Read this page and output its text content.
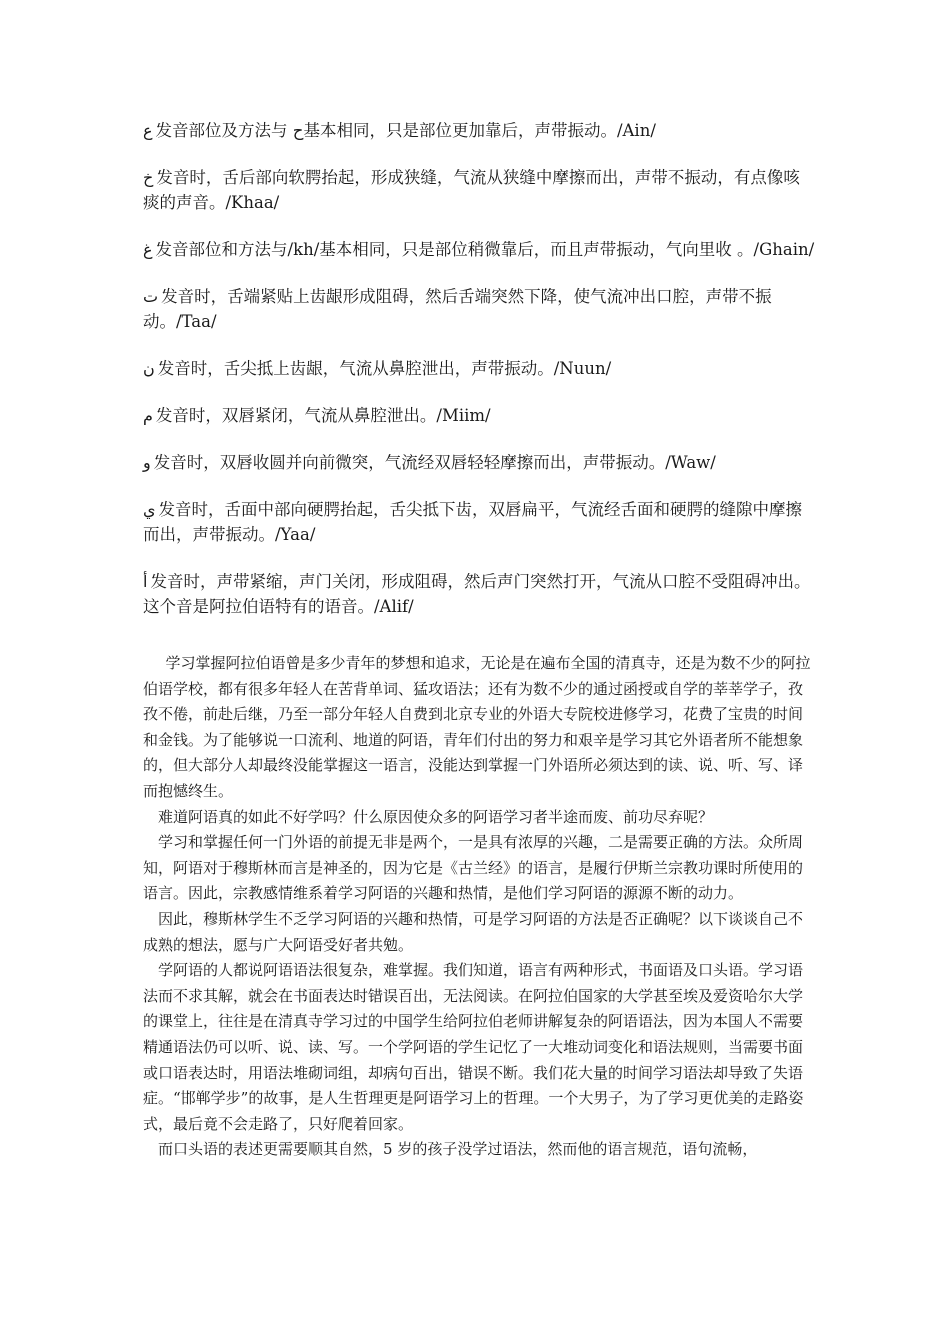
ع 发音部位及方法与 ح基本相同，只是部位更加靠后，声带振动。/Ain/

خ 发音时，舌后部向软腭抬起，形成狭缝，气流从狭缝中摩擦而出，声带不振动，有点像咳痰的声音。/Khaa/

غ 发音部位和方法与/kh/基本相同，只是部位稍微靠后，而且声带振动，气向里收 。/Ghain/

ت 发音时，舌端紧贴上齿龈形成阻碍，然后舌端突然下降，使气流冲出口腔，声带不振动。/Taa/

ن 发音时，舌尖抵上齿龈，气流从鼻腔泄出，声带振动。/Nuun/

م 发音时，双唇紧闭，气流从鼻腔泄出。/Miim/

و 发音时，双唇收圆并向前微突，气流经双唇轻轻摩擦而出，声带振动。/Waw/

ي 发音时，舌面中部向硬腭抬起，舌尖抵下齿，双唇扁平，气流经舌面和硬腭的缝隙中摩擦而出，声带振动。/Yaa/

أ 发音时，声带紧缩，声门关闭，形成阻碍，然后声门突然打开，气流从口腔不受阻碍冲出。这个音是阿拉伯语特有的语音。/Alif/

学习掌握阿拉伯语曾是多少青年的梦想和追求，无论是在遍布全国的清真寺，还是为数不少的阿拉伯语学校，都有很多年轻人在苦背单词、猛攻语法；还有为数不少的通过函授或自学的莘莘学子，孜孜不倦，前赴后继，乃至一部分年轻人自费到北京专业的外语大专院校进修学习，花费了宝贵的时间和金钱。为了能够说一口流利、地道的阿语，青年们付出的努力和艰辛是学习其它外语者所不能想象的，但大部分人却最终没能掌握这一语言，没能达到掌握一门外语所必须达到的读、说、听、写、译而抱憾终生。

难道阿语真的如此不好学吗？什么原因使众多的阿语学习者半途而废、前功尽弃呢？

学习和掌握任何一门外语的前提无非是两个，一是具有浓厚的兴趣，二是需要正确的方法。众所周知，阿语对于穆斯林而言是神圣的，因为它是《古兰经》的语言，是履行伊斯兰宗教功课时所使用的语言。因此，宗教感情维系着学习阿语的兴趣和热情，是他们学习阿语的源源不断的动力。

因此，穆斯林学生不乏学习阿语的兴趣和热情，可是学习阿语的方法是否正确呢？以下谈谈自己不成熟的想法，愿与广大阿语受好者共勉。

学阿语的人都说阿语语法很复杂，难掌握。我们知道，语言有两种形式，书面语及口头语。学习语法而不求其解，就会在书面表达时错误百出，无法阅读。在阿拉伯国家的大学甚至埃及爱资哈尔大学的课堂上，往往是在清真寺学习过的中国学生给阿拉伯老师讲解复杂的阿语语法，因为本国人不需要精通语法仍可以听、说、读、写。一个学阿语的学生记忆了一大堆动词变化和语法规则，当需要书面或口语表达时，用语法堆砌词组，却病句百出，错误不断。我们花大量的时间学习语法却导致了失语症。“邯郸学步”的故事，是人生哲理更是阿语学习上的哲理。一个大男子，为了学习更优美的走路姿式，最后竟不会走路了，只好爬着回家。

而口头语的表述更需要顺其自然，5 岁的孩子没学过语法，然而他的语言规范，语句流畅，
